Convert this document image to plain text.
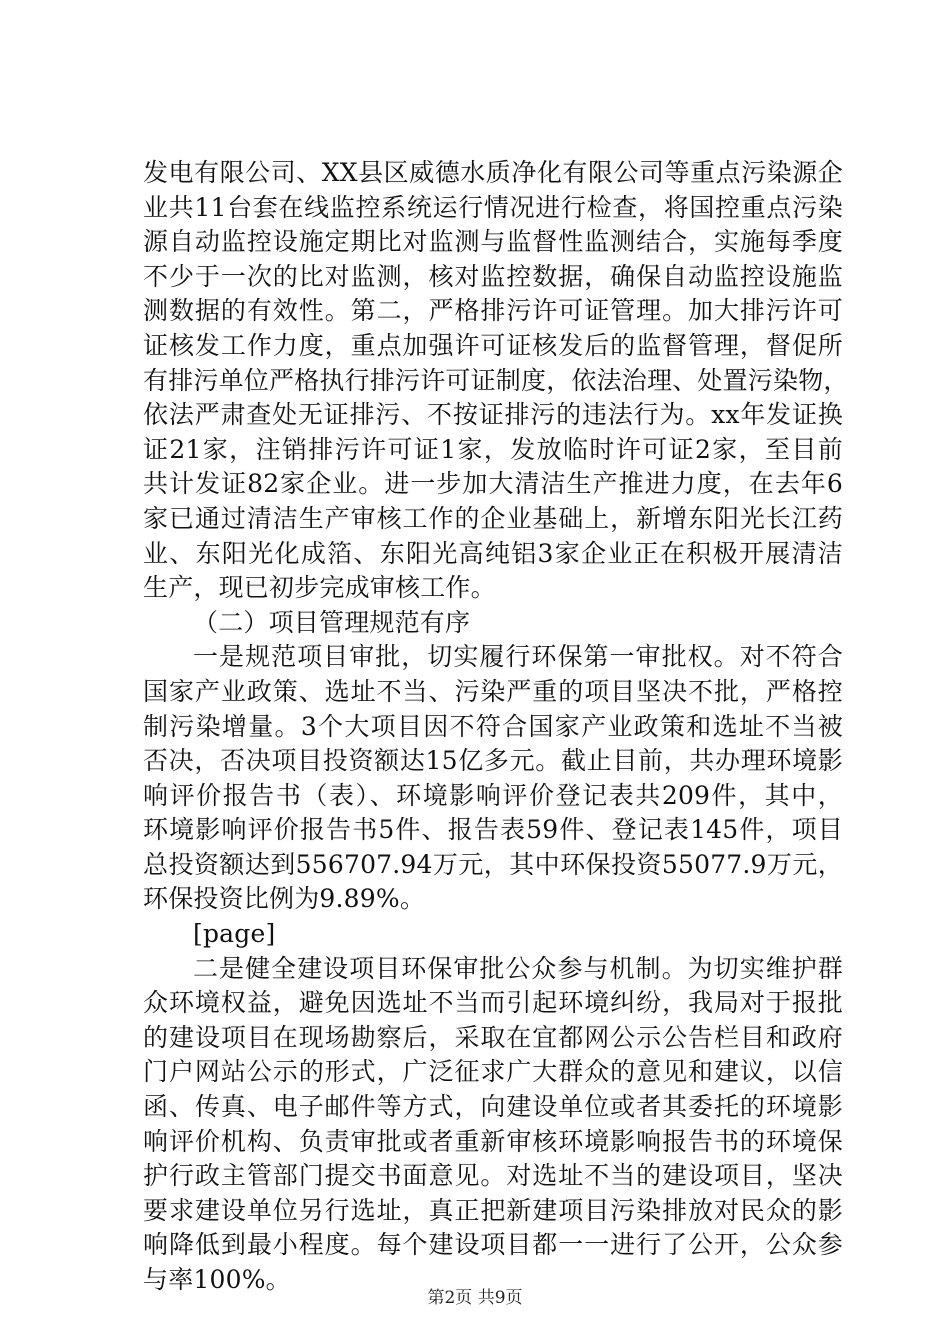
发电有限公司、XX县区威德水质净化有限公司等重点污染源企
业共11台套在线监控系统运行情况进行检查，将国控重点污染
源自动监控设施定期比对监测与监督性监测结合，实施每季度
不少于一次的比对监测，核对监控数据，确保自动监控设施监
测数据的有效性。第二，严格排污许可证管理。加大排污许可
证核发工作力度，重点加强许可证核发后的监督管理，督促所
有排污单位严格执行排污许可证制度，依法治理、处置污染物，
依法严肃查处无证排污、不按证排污的违法行为。xx年发证换
证21家，注销排污许可证1家，发放临时许可证2家，至目前
共计发证82家企业。进一步加大清洁生产推进力度，在去年6
家已通过清洁生产审核工作的企业基础上，新增东阳光长江药
业、东阳光化成箔、东阳光高纯铝3家企业正在积极开展清洁
生产，现已初步完成审核工作。
（二）项目管理规范有序
一是规范项目审批，切实履行环保第一审批权。对不符合
国家产业政策、选址不当、污染严重的项目坚决不批，严格控
制污染增量。3个大项目因不符合国家产业政策和选址不当被
否决，否决项目投资额达15亿多元。截止目前，共办理环境影
响评价报告书（表）、环境影响评价登记表共209件，其中，
环境影响评价报告书5件、报告表59件、登记表145件，项目
总投资额达到556707.94万元，其中环保投资55077.9万元，
环保投资比例为9.89%。
[page]
二是健全建设项目环保审批公众参与机制。为切实维护群
众环境权益，避免因选址不当而引起环境纠纷，我局对于报批
的建设项目在现场勘察后，采取在宜都网公示公告栏目和政府
门户网站公示的形式，广泛征求广大群众的意见和建议，以信
函、传真、电子邮件等方式，向建设单位或者其委托的环境影
响评价机构、负责审批或者重新审核环境影响报告书的环境保
护行政主管部门提交书面意见。对选址不当的建设项目，坚决
要求建设单位另行选址，真正把新建项目污染排放对民众的影
响降低到最小程度。每个建设项目都一一进行了公开，公众参
与率100%。
第2页 共9页
